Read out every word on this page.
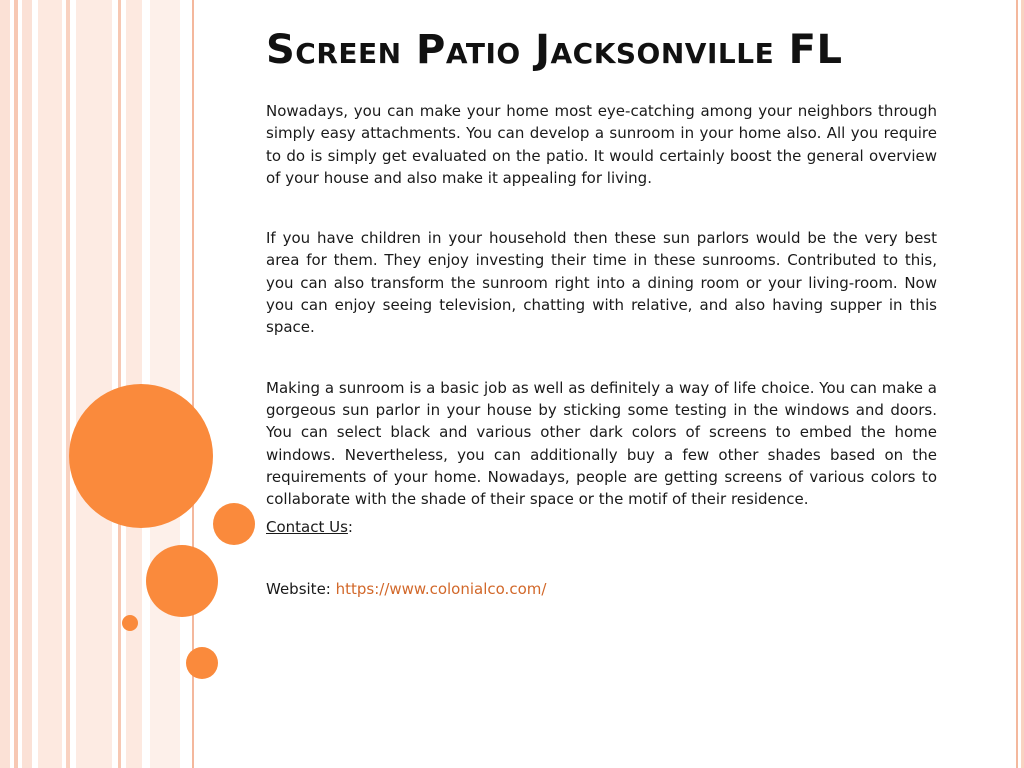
Screen Patio Jacksonville FL

Nowadays, you can make your home most eye-catching among your neighbors through simply easy attachments. You can develop a sunroom in your home also. All you require to do is simply get evaluated on the patio. It would certainly boost the general overview of your house and also make it appealing for living.

If you have children in your household then these sun parlors would be the very best area for them. They enjoy investing their time in these sunrooms. Contributed to this, you can also transform the sunroom right into a dining room or your living-room. Now you can enjoy seeing television, chatting with relative, and also having supper in this space.

Making a sunroom is a basic job as well as definitely a way of life choice. You can make a gorgeous sun parlor in your house by sticking some testing in the windows and doors. You can select black and various other dark colors of screens to embed the home windows. Nevertheless, you can additionally buy a few other shades based on the requirements of your home. Nowadays, people are getting screens of various colors to collaborate with the shade of their space or the motif of their residence.

Contact Us:

Website: https://www.colonialco.com/
